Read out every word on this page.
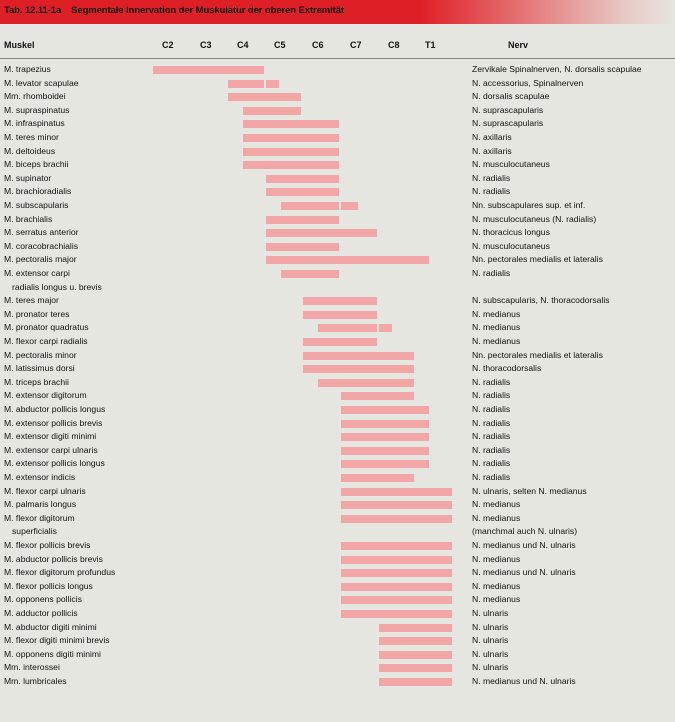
Tab. 12.11-1a Segmentale Innervation der Muskulatur der oberen Extremität
Muskel	C2	C3	C4	C5	C6	C7	C8	T1	Nerv
M. trapezius	Zervikale Spinalnerven, N. dorsalis scapulae
M. levator scapulae	N. accessorius, Spinalnerven
Mm. rhomboidei	N. dorsalis scapulae
M. supraspinatus	N. suprascapularis
M. infraspinatus	N. suprascapularis
M. teres minor	N. axillaris
M. deltoideus	N. axillaris
M. biceps brachii	N. musculocutaneus
M. supinator	N. radialis
M. brachioradialis	N. radialis
M. subscapularis	Nn. subscapulares sup. et inf.
M. brachialis	N. musculocutaneus (N. radialis)
M. serratus anterior	N. thoracicus longus
M. coracobrachialis	N. musculocutaneus
M. pectoralis major	Nn. pectorales medialis et lateralis
M. extensor carpi	N. radialis
radialis longus u. brevis
M. teres major	N. subscapularis, N. thoracodorsalis
M. pronator teres	N. medianus
M. pronator quadratus	N. medianus
M. flexor carpi radialis	N. medianus
M. pectoralis minor	Nn. pectorales medialis et lateralis
M. latissimus dorsi	N. thoracodorsalis
M. triceps brachii	N. radialis
M. extensor digitorum	N. radialis
M. abductor pollicis longus	N. radialis
M. extensor pollicis brevis	N. radialis
M. extensor digiti minimi	N. radialis
M. extensor carpi ulnaris	N. radialis
M. extensor pollicis longus	N. radialis
M. extensor indicis	N. radialis
M. flexor carpi ulnaris	N. ulnaris, selten N. medianus
M. palmaris longus	N. medianus
M. flexor digitorum	N. medianus
superficialis	(manchmal auch N. ulnaris)
M. flexor pollicis brevis	N. medianus und N. ulnaris
M. abductor pollicis brevis	N. medianus
M. flexor digitorum profundus	N. medianus und N. ulnaris
M. flexor pollicis longus	N. medianus
M. opponens pollicis	N. medianus
M. adductor pollicis	N. ulnaris
M. abductor digiti minimi	N. ulnaris
M. flexor digiti minimi brevis	N. ulnaris
M. opponens digiti minimi	N. ulnaris
Mm. interossei	N. ulnaris
Mm. lumbricales	N. medianus und N. ulnaris
